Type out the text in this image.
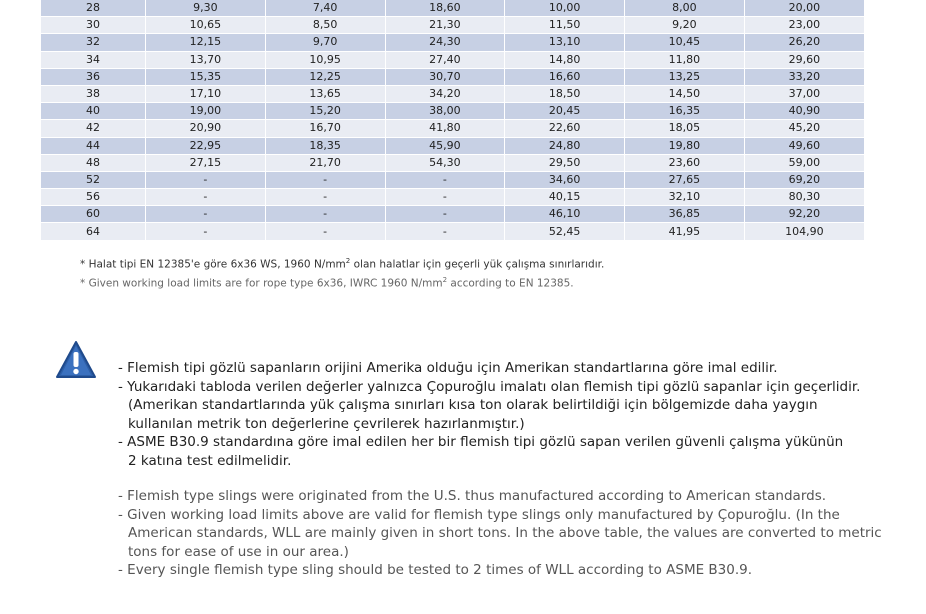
28	9,30	7,40	18,60	10,00	8,00	20,00
30	10,65	8,50	21,30	11,50	9,20	23,00
32	12,15	9,70	24,30	13,10	10,45	26,20
34	13,70	10,95	27,40	14,80	11,80	29,60
36	15,35	12,25	30,70	16,60	13,25	33,20
38	17,10	13,65	34,20	18,50	14,50	37,00
40	19,00	15,20	38,00	20,45	16,35	40,90
42	20,90	16,70	41,80	22,60	18,05	45,20
44	22,95	18,35	45,90	24,80	19,80	49,60
48	27,15	21,70	54,30	29,50	23,60	59,00
52	-	-	-	34,60	27,65	69,20
56	-	-	-	40,15	32,10	80,30
60	-	-	-	46,10	36,85	92,20
64	-	-	-	52,45	41,95	104,90
* Halat tipi EN 12385'e göre 6x36 WS, 1960 $N/mm^2$ olan halatlar için geçerli yük çalışma sınırlarıdır.
* Given working load limits are for rope type 6x36, IWRC 1960 $N/mm^2$ according to EN 12385.
- Flemish tipi gözlü sapanların orijini Amerika olduğu için Amerikan standartlarına göre imal edilir.
- Yukarıdaki tabloda verilen değerler yalnızca Çopuroğlu imalatı olan flemish tipi gözlü sapanlar için geçerlidir.
(Amerikan standartlarında yük çalışma sınırları kısa ton olarak belirtildiği için bölgemizde daha yaygın
kullanılan metrik ton değerlerine çevrilerek hazırlanmıştır.)
- ASME B30.9 standardına göre imal edilen her bir flemish tipi gözlü sapan verilen güvenli çalışma yükünün
2 katına test edilmelidir.
- Flemish type slings were originated from the U.S. thus manufactured according to American standards.
- Given working load limits above are valid for flemish type slings only manufactured by Çopuroğlu. (In the
American standards, WLL are mainly given in short tons. In the above table, the values are converted to metric
tons for ease of use in our area.)
- Every single flemish type sling should be tested to 2 times of WLL according to ASME B30.9.
